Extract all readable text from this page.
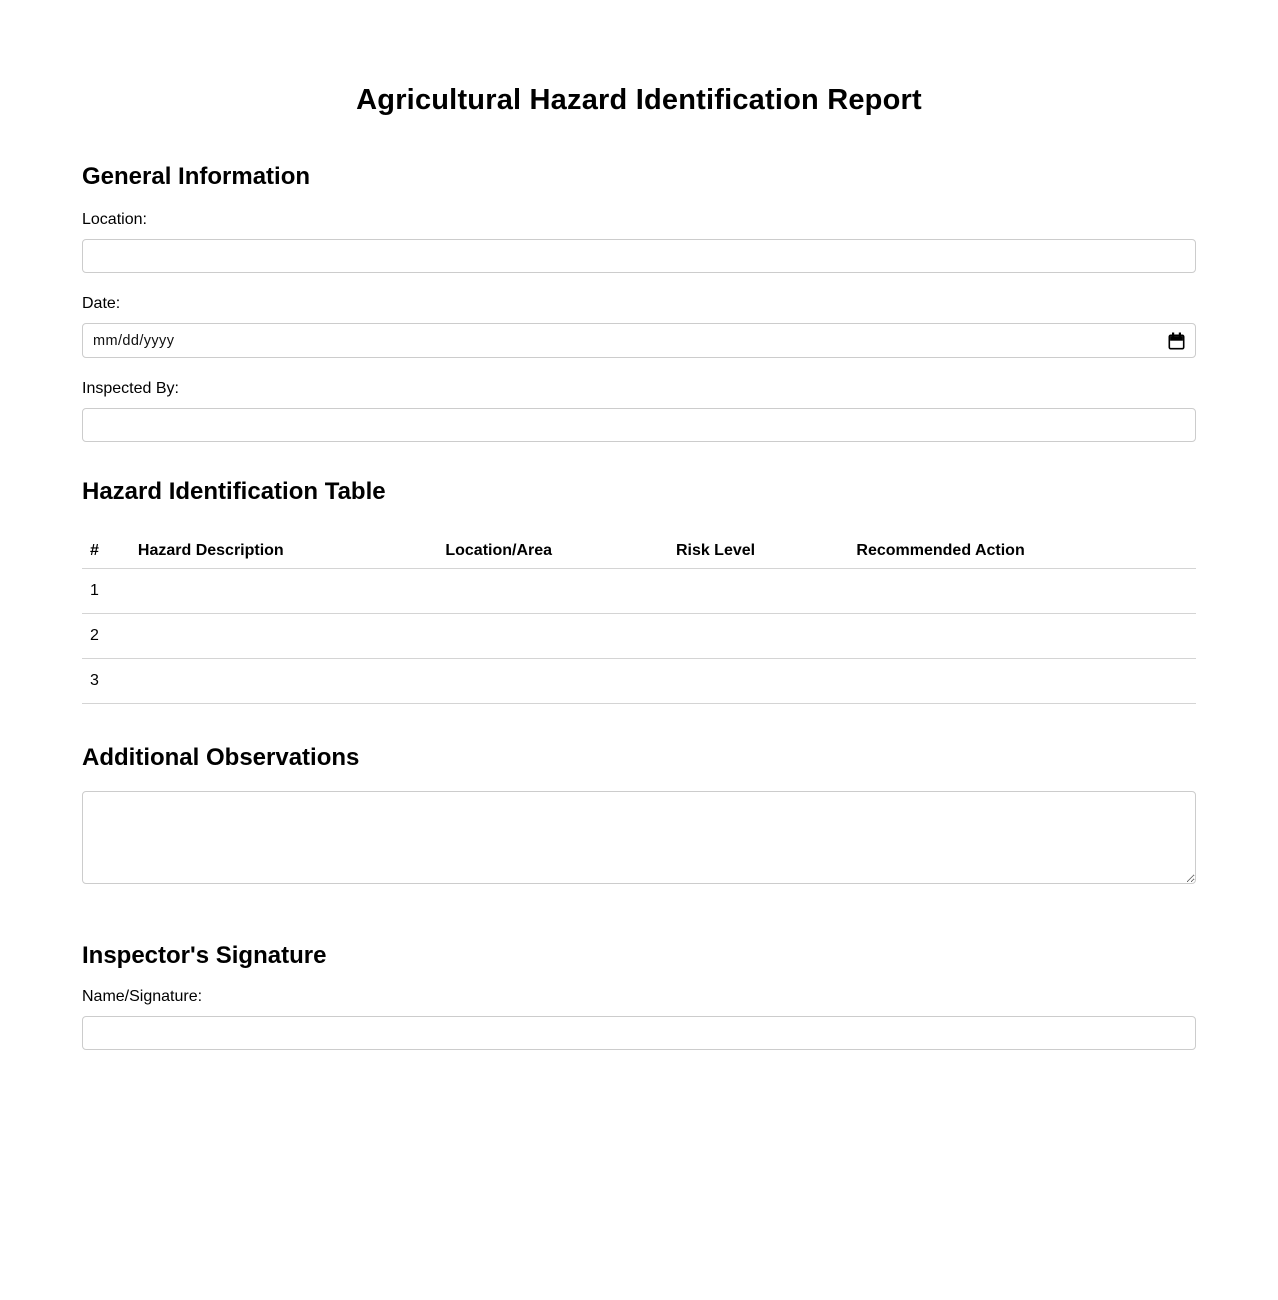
Agricultural Hazard Identification Report
General Information
Location:
Date:
mm/dd/yyyy
Inspected By:
Hazard Identification Table
#	Hazard Description	Location/Area	Risk Level	Recommended Action
1				
2				
3				
Additional Observations
Inspector's Signature
Name/Signature:
